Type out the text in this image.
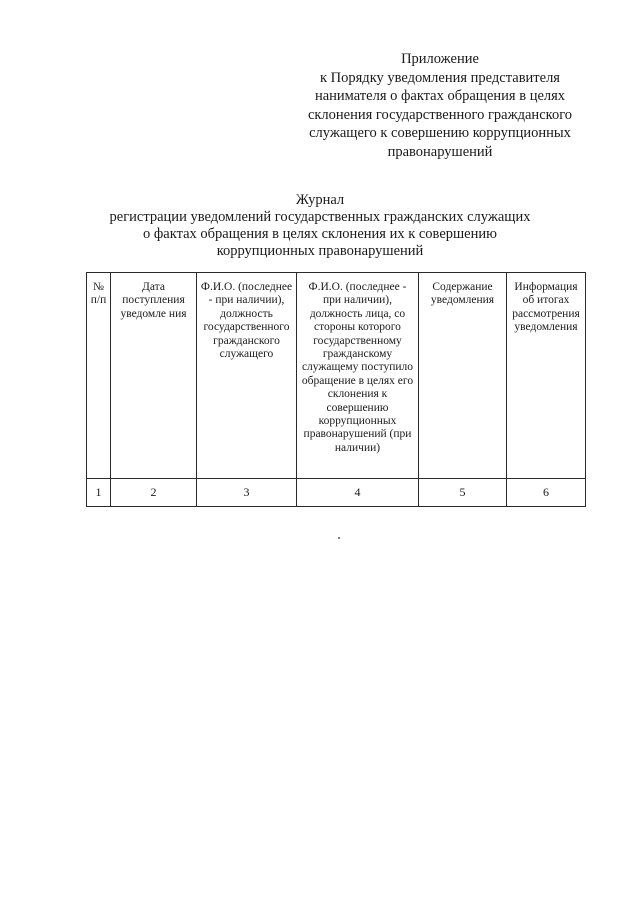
Приложение
к Порядку уведомления представителя
нанимателя о фактах обращения в целях
склонения государственного гражданского
служащего к совершению коррупционных
правонарушений
Журнал
регистрации уведомлений государственных гражданских служащих
о фактах обращения в целях склонения их к совершению
коррупционных правонарушений
№ п/п	Дата поступления уведомле ния	Ф.И.О. (последнее - при наличии), должность государственного гражданского служащего	Ф.И.О. (последнее - при наличии), должность лица, со стороны которого государственному гражданскому служащему поступило обращение в целях его склонения к совершению коррупционных правонарушений (при наличии)	Содержание уведомления	Информация об итогах рассмотрения уведомления
1	2	3	4	5	6
